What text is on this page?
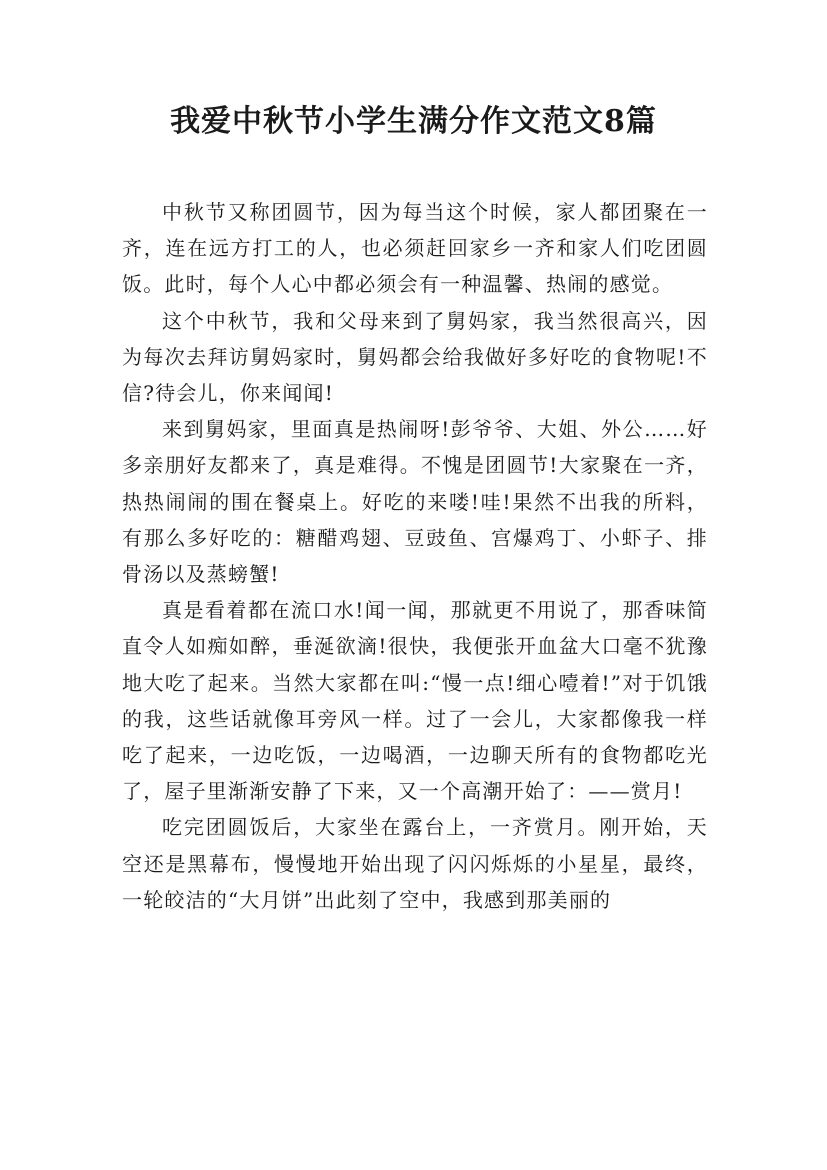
我爱中秋节小学生满分作文范文8篇

中秋节又称团圆节，因为每当这个时候，家人都团聚在一齐，连在远方打工的人，也必须赶回家乡一齐和家人们吃团圆饭。此时，每个人心中都必须会有一种温馨、热闹的感觉。

这个中秋节，我和父母来到了舅妈家，我当然很高兴，因为每次去拜访舅妈家时，舅妈都会给我做好多好吃的食物呢!不信?待会儿，你来闻闻!

来到舅妈家，里面真是热闹呀!彭爷爷、大姐、外公……好多亲朋好友都来了，真是难得。不愧是团圆节!大家聚在一齐，热热闹闹的围在餐桌上。好吃的来喽!哇!果然不出我的所料，有那么多好吃的：糖醋鸡翅、豆豉鱼、宫爆鸡丁、小虾子、排骨汤以及蒸螃蟹!

真是看着都在流口水!闻一闻，那就更不用说了，那香味简直令人如痴如醉，垂涎欲滴!很快，我便张开血盆大口毫不犹豫地大吃了起来。当然大家都在叫:“慢一点!细心噎着!”对于饥饿的我，这些话就像耳旁风一样。过了一会儿，大家都像我一样吃了起来，一边吃饭，一边喝酒，一边聊天所有的食物都吃光了，屋子里渐渐安静了下来，又一个高潮开始了：——赏月!

吃完团圆饭后，大家坐在露台上，一齐赏月。刚开始，天空还是黑幕布，慢慢地开始出现了闪闪烁烁的小星星，最终，一轮皎洁的“大月饼”出此刻了空中，我感到那美丽的
